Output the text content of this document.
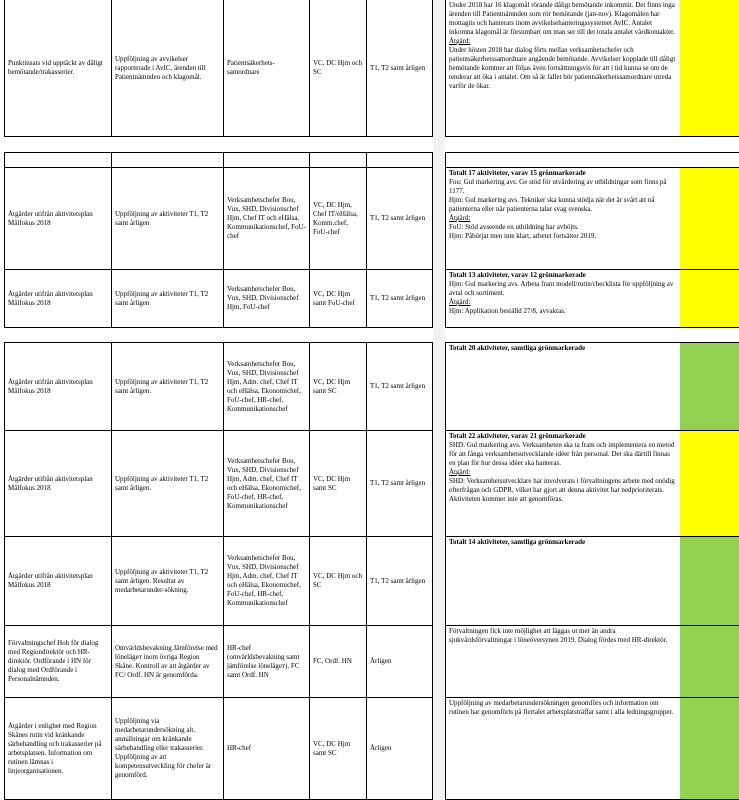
Punktinsats vid upptäckt av dåligt bemötande/trakasserier.
Uppföljning av avvikelser rapporterade i AvIC, ärenden till Patientnämnden och klagomål.
Patientsäkerhets-samordnare
VC, DC Hjm och SC
T1, T2 samt årligen

Under 2018 har 16 klagomål rörande dåligt bemötande inkommit. Det finns inga ärenden till Patientnämnden som rör bemötande (jan-nov). Klagomålen har mottagits och hanterats inom avvikelsehanteringssystemet AvIC. Antalet inkomna klagomål är försumbart om man ser till det totala antalet vårdkontakter.

Åtgärd:

Under hösten 2018 har dialog förts mellan verksamhetschefer och patientsäkerhetssamordnare angående bemötande. Avvikelser kopplade till dåligt bemötande kommer att följas även fortsättningsvis för att i tid kunna se om de tenderar att öka i antalet. Om så är fallet bör patientsäkerhetssamordnare utreda varför de ökar.

Åtgärder utifrån aktivitetsplan Målfokus 2018
Uppföljning av aktiviteter T1, T2 samt årligen
Verksamhetschefer Bou, Vux, SHD, Divisionschef Hjm, Chef IT och eHälsa, Kommunikationschef, FoU-chef
VC, DC Hjm, Chef IT/eHälsa, Komm.chef, FoU-chef
T1, T2 samt årligen
Totalt 17 aktiviteter, varav 15 grönmarkerade

Fou: Gul markering avs. Ge stöd för utvärdering av utbildningar som finns på 1177.

Hjm: Gul markering avs. Tekniker ska kunna stödja när det är svårt att nå patienterna eller när patienterna talar svag svenska.

Åtgärd:

FoU: Stöd avseende en utbildning har avböjts.

Hjm: Påbörjat men inte klart, arbetet fortsätter 2019.

Åtgärder utifrån aktivitetsplan Målfokus 2018
Uppföljning av aktiviteter T1, T2 samt årligen
Verksamhetschefer Bou, Vux, SHD, Divisionschef Hjm, FoU-chef
VC, DC Hjm samt FoU-chef
T1, T2 samt årligen
Totalt 13 aktiviteter, varav 12 grönmarkerade

Hjm: Gul markering avs. Arbeta fram modell/rutin/checklista för uppföljning av avtal och sortiment.

Åtgärd:

Hjm: Applikation beställd 27/8, avvaktas.

Åtgärder utifrån aktivitetsplan Målfokus 2018
Uppföljning av aktiviteter T1, T2 samt årligen.
Verksamhetschefer Bou, Vux, SHD, Divisionschef Hjm, Adm. chef, Chef IT och eHälsa, Ekonomichef, FoU-chef, HR-chef, Kommunikationschef
VC, DC Hjm samt SC
T1, T2 samt årligen
Totalt 20 aktiviteter, samtliga grönmarkerade
Åtgärder utifrån aktivitetsplan Målfokus 2018
Uppföljning av aktiviteter T1, T2 samt årligen.
Verksamhetschefer Bou, Vux, SHD, Divisionschef Hjm, Adm. chef, Chef IT och eHälsa, Ekonomichef, FoU-chef, HR-chef, Kommunikationschef
VC, DC Hjm samt SC
T1, T2 samt årligen
Totalt 22 aktiviteter, varav 21 grönmarkerade

SHD: Gul markering avs. Verksamheten ska ta fram och implementera en metod för att fånga verksamhetsutvecklande idéer från personal. Det ska därtill finnas en plan för hur dessa idéer ska hanteras.

Åtgärd:

SHD: Verksamhetsutvecklare har involverats i förvaltningens arbete med onödig efterfrågan och GDPR, vilket har gjort att denna aktivitet har nedprioriterats. Aktiviteten kommer inte att genomföras.

Åtgärder utifrån aktivitetsplan Målfokus 2018
Uppföljning av aktiviteter T1, T2 samt årligen. Resultat av medarbetarunder-sökning.
Verksamhetschefer Bou, Vux, SHD, Divisionschef Hjm, Adm. chef, Chef IT och eHälsa, Ekonomichef, FoU-chef, HR-chef, Kommunikationschef
VC, DC Hjm och SC
T1, T2 samt årligen
Totalt 14 aktiviteter, samtliga grönmarkerade
Förvaltningschef Hoh för dialog med Regiondirektör och HR-direktör. Ordförande i HN för dialog med Ordförande i Personalnämnden.
Omvärldsbevakning Jämförelse med lönelägет inom övriga Region Skåne. Kontroll av att åtgärder av FC/ Ordf. HN är genomförda.
HR-chef (omvärldsbevakning samt jämförelse lönelägет), FC samt Ordf. HN
FC, Ordf. HN	Årligen

Förvaltningen fick inte möjlighet att läggas ut mer än andra sjukvårdsförvaltningar i löneöversynen 2019. Dialog fördes med HR-direktör.

Åtgärder i enlighet med Region Skånes rutin vid kränkande särbehandling och trakasserier på arbetsplatsen. Information om rutinen lämnas i linjeorganisationen.
Uppföljning via medarbetarundersökning alt. anmälningar om kränkande särbehandling eller trakasserier. Uppföljning av att kompetensutveckling för chefer är genomförd.
HR-chef
VC, DC Hjm samt SC
Årligen

Uppföljning av medarbetarundersökningen genomförs och information om rutinen har genomförts på flertalet arbetsplatsträffar samt i alla ledningsgrupper.
